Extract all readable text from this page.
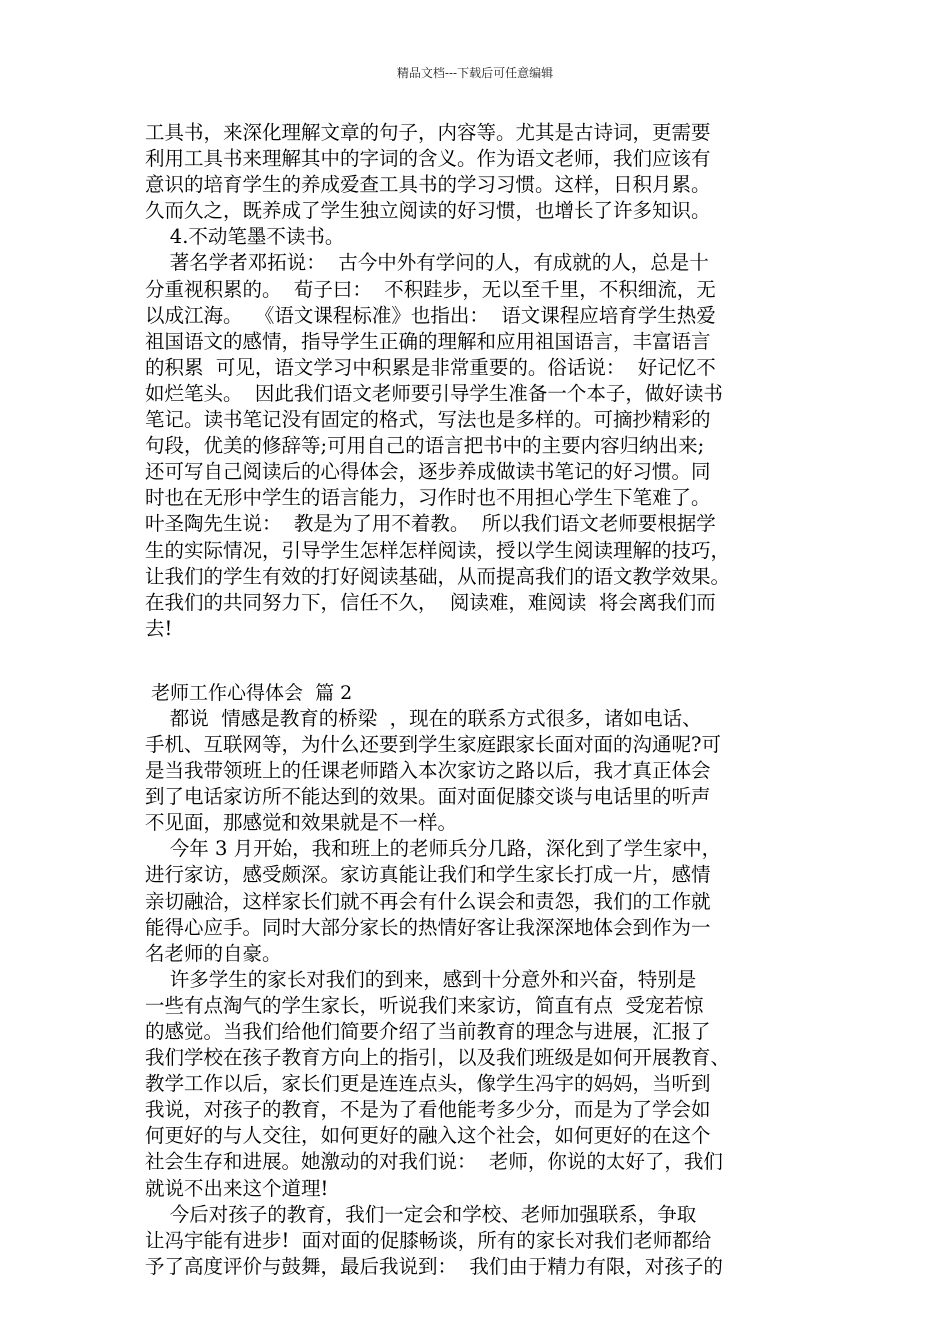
精品文档---下载后可任意编辑
工具书，来深化理解文章的句子，内容等。尤其是古诗词，更需要
利用工具书来理解其中的字词的含义。作为语文老师，我们应该有
意识的培育学生的养成爱查工具书的学习习惯。这样，日积月累。
久而久之，既养成了学生独立阅读的好习惯，也增长了许多知识。
4.不动笔墨不读书。
著名学者邓拓说：  古今中外有学问的人，有成就的人，总是十
分重视积累的。  荀子曰：  不积跬步，无以至千里，不积细流，无
以成江海。  《语文课程标准》也指出：  语文课程应培育学生热爱
祖国语文的感情，指导学生正确的理解和应用祖国语言，丰富语言
的积累  可见，语文学习中积累是非常重要的。俗话说：  好记忆不
如烂笔头。  因此我们语文老师要引导学生准备一个本子，做好读书
笔记。读书笔记没有固定的格式，写法也是多样的。可摘抄精彩的
句段，优美的修辞等;可用自己的语言把书中的主要内容归纳出来;
还可写自己阅读后的心得体会，逐步养成做读书笔记的好习惯。同
时也在无形中学生的语言能力，习作时也不用担心学生下笔难了。
叶圣陶先生说：  教是为了用不着教。  所以我们语文老师要根据学
生的实际情况，引导学生怎样怎样阅读，授以学生阅读理解的技巧，
让我们的学生有效的打好阅读基础，从而提高我们的语文教学效果。
在我们的共同努力下，信任不久，  阅读难，难阅读  将会离我们而
去!
老师工作心得体会  篇 2
都说  情感是教育的桥梁  ，现在的联系方式很多，诸如电话、
手机、互联网等，为什么还要到学生家庭跟家长面对面的沟通呢?可
是当我带领班上的任课老师踏入本次家访之路以后，我才真正体会
到了电话家访所不能达到的效果。面对面促膝交谈与电话里的听声
不见面，那感觉和效果就是不一样。
今年 3 月开始，我和班上的老师兵分几路，深化到了学生家中，
进行家访，感受颇深。家访真能让我们和学生家长打成一片，感情
亲切融洽，这样家长们就不再会有什么误会和责怨，我们的工作就
能得心应手。同时大部分家长的热情好客让我深深地体会到作为一
名老师的自豪。
许多学生的家长对我们的到来，感到十分意外和兴奋，特别是
一些有点淘气的学生家长，听说我们来家访，简直有点  受宠若惊
的感觉。当我们给他们简要介绍了当前教育的理念与进展，汇报了
我们学校在孩子教育方向上的指引，以及我们班级是如何开展教育、
教学工作以后，家长们更是连连点头，像学生冯宇的妈妈，当听到
我说，对孩子的教育，不是为了看他能考多少分，而是为了学会如
何更好的与人交往，如何更好的融入这个社会，如何更好的在这个
社会生存和进展。她激动的对我们说：  老师，你说的太好了，我们
就说不出来这个道理!
今后对孩子的教育，我们一定会和学校、老师加强联系，争取
让冯宇能有进步!  面对面的促膝畅谈，所有的家长对我们老师都给
予了高度评价与鼓舞，最后我说到：  我们由于精力有限，对孩子的
